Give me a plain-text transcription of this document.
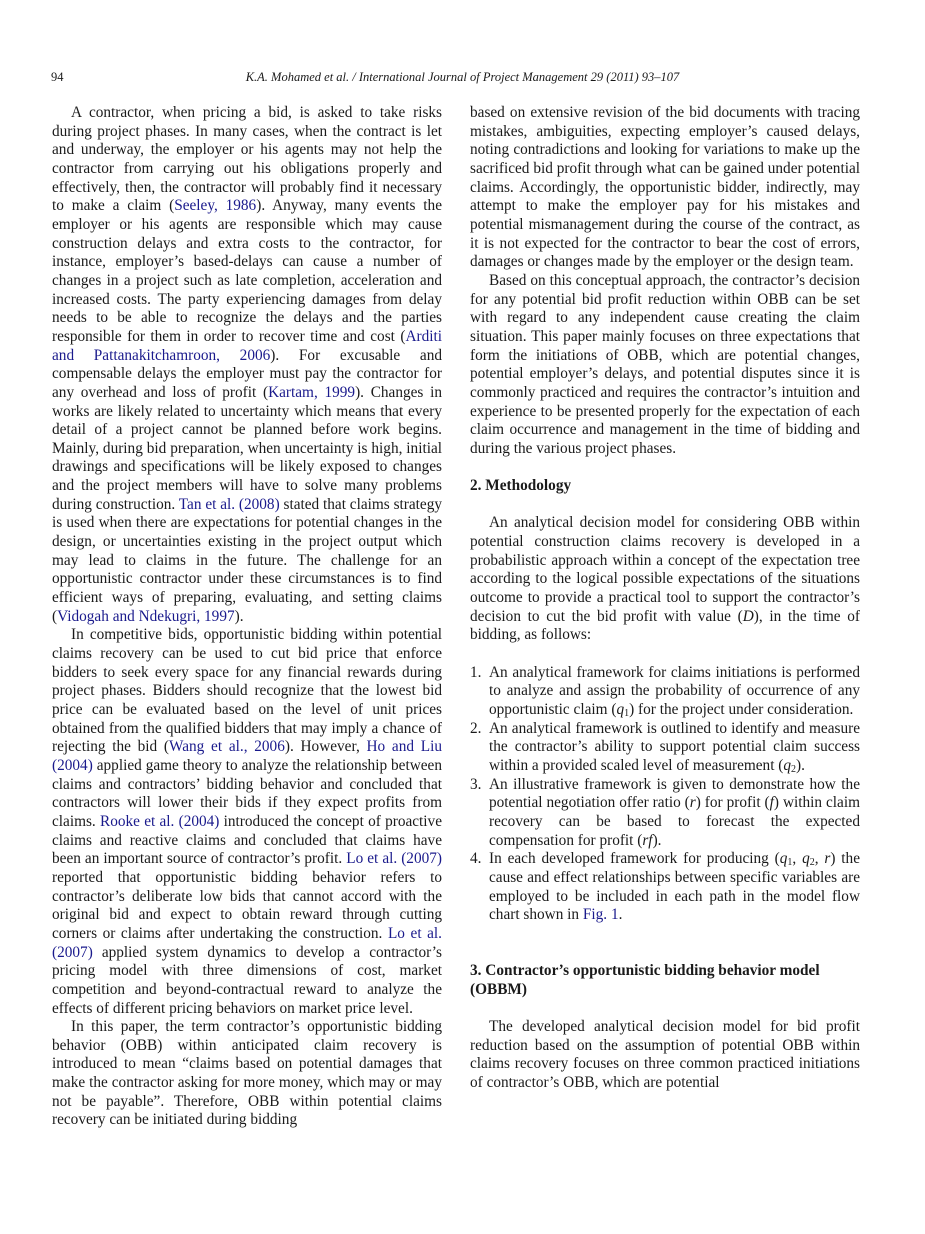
94	K.A. Mohamed et al. / International Journal of Project Management 29 (2011) 93–107

A contractor, when pricing a bid, is asked to take risks during project phases. In many cases, when the contract is let and underway, the employer or his agents may not help the contractor from carrying out his obligations properly and effectively, then, the contractor will probably find it necessary to make a claim (Seeley, 1986). Anyway, many events the employer or his agents are responsible which may cause construction delays and extra costs to the contractor, for instance, employer’s based-delays can cause a number of changes in a project such as late completion, acceleration and increased costs. The party experiencing damages from delay needs to be able to recognize the delays and the parties responsible for them in order to recover time and cost (Arditi and Pattanakitchamroon, 2006). For excusable and compensable delays the employer must pay the contractor for any overhead and loss of profit (Kartam, 1999). Changes in works are likely related to uncertainty which means that every detail of a project cannot be planned before work begins. Mainly, during bid preparation, when uncertainty is high, initial drawings and specifications will be likely exposed to changes and the project members will have to solve many problems during construction. Tan et al. (2008) stated that claims strategy is used when there are expectations for potential changes in the design, or uncertainties existing in the project output which may lead to claims in the future. The challenge for an opportunistic contractor under these circumstances is to find efficient ways of preparing, evaluating, and setting claims (Vidogah and Ndekugri, 1997).

In competitive bids, opportunistic bidding within potential claims recovery can be used to cut bid price that enforce bidders to seek every space for any financial rewards during project phases. Bidders should recognize that the lowest bid price can be evaluated based on the level of unit prices obtained from the qualified bidders that may imply a chance of rejecting the bid (Wang et al., 2006). However, Ho and Liu (2004) applied game theory to analyze the relationship between claims and contractors’ bidding behavior and concluded that contractors will lower their bids if they expect profits from claims. Rooke et al. (2004) introduced the concept of proactive claims and reactive claims and concluded that claims have been an important source of contractor’s profit. Lo et al. (2007) reported that opportunistic bidding behavior refers to contractor’s deliberate low bids that cannot accord with the original bid and expect to obtain reward through cutting corners or claims after undertaking the construction. Lo et al. (2007) applied system dynamics to develop a contractor’s pricing model with three dimensions of cost, market competition and beyond-contractual reward to analyze the effects of different pricing behaviors on market price level.

In this paper, the term contractor’s opportunistic bidding behavior (OBB) within anticipated claim recovery is introduced to mean “claims based on potential damages that make the contractor asking for more money, which may or may not be payable”. Therefore, OBB within potential claims recovery can be initiated during bidding

based on extensive revision of the bid documents with tracing mistakes, ambiguities, expecting employer’s caused delays, noting contradictions and looking for variations to make up the sacrificed bid profit through what can be gained under potential claims. Accordingly, the opportunistic bidder, indirectly, may attempt to make the employer pay for his mistakes and potential mismanagement during the course of the contract, as it is not expected for the contractor to bear the cost of errors, damages or changes made by the employer or the design team.

Based on this conceptual approach, the contractor’s decision for any potential bid profit reduction within OBB can be set with regard to any independent cause creating the claim situation. This paper mainly focuses on three expectations that form the initiations of OBB, which are potential changes, potential employer’s delays, and potential disputes since it is commonly practiced and requires the contractor’s intuition and experience to be presented properly for the expectation of each claim occurrence and management in the time of bidding and during the various project phases.

2. Methodology

An analytical decision model for considering OBB within potential construction claims recovery is developed in a probabilistic approach within a concept of the expectation tree according to the logical possible expectations of the situations outcome to provide a practical tool to support the contractor’s decision to cut the bid profit with value (D), in the time of bidding, as follows:

1. An analytical framework for claims initiations is performed to analyze and assign the probability of occurrence of any opportunistic claim $(q_1)$ for the project under consideration.
2. An analytical framework is outlined to identify and measure the contractor’s ability to support potential claim success within a provided scaled level of measurement $(q_2)$.
3. An illustrative framework is given to demonstrate how the potential negotiation offer ratio (r) for profit (f) within claim recovery can be based to forecast the expected compensation for profit (rf).
4. In each developed framework for producing ($q_1$, $q_2$, r) the cause and effect relationships between specific variables are employed to be included in each path in the model flow chart shown in Fig. 1.
3. Contractor’s opportunistic bidding behavior model (OBBM)

The developed analytical decision model for bid profit reduction based on the assumption of potential OBB within claims recovery focuses on three common practiced initiations of contractor’s OBB, which are potential
